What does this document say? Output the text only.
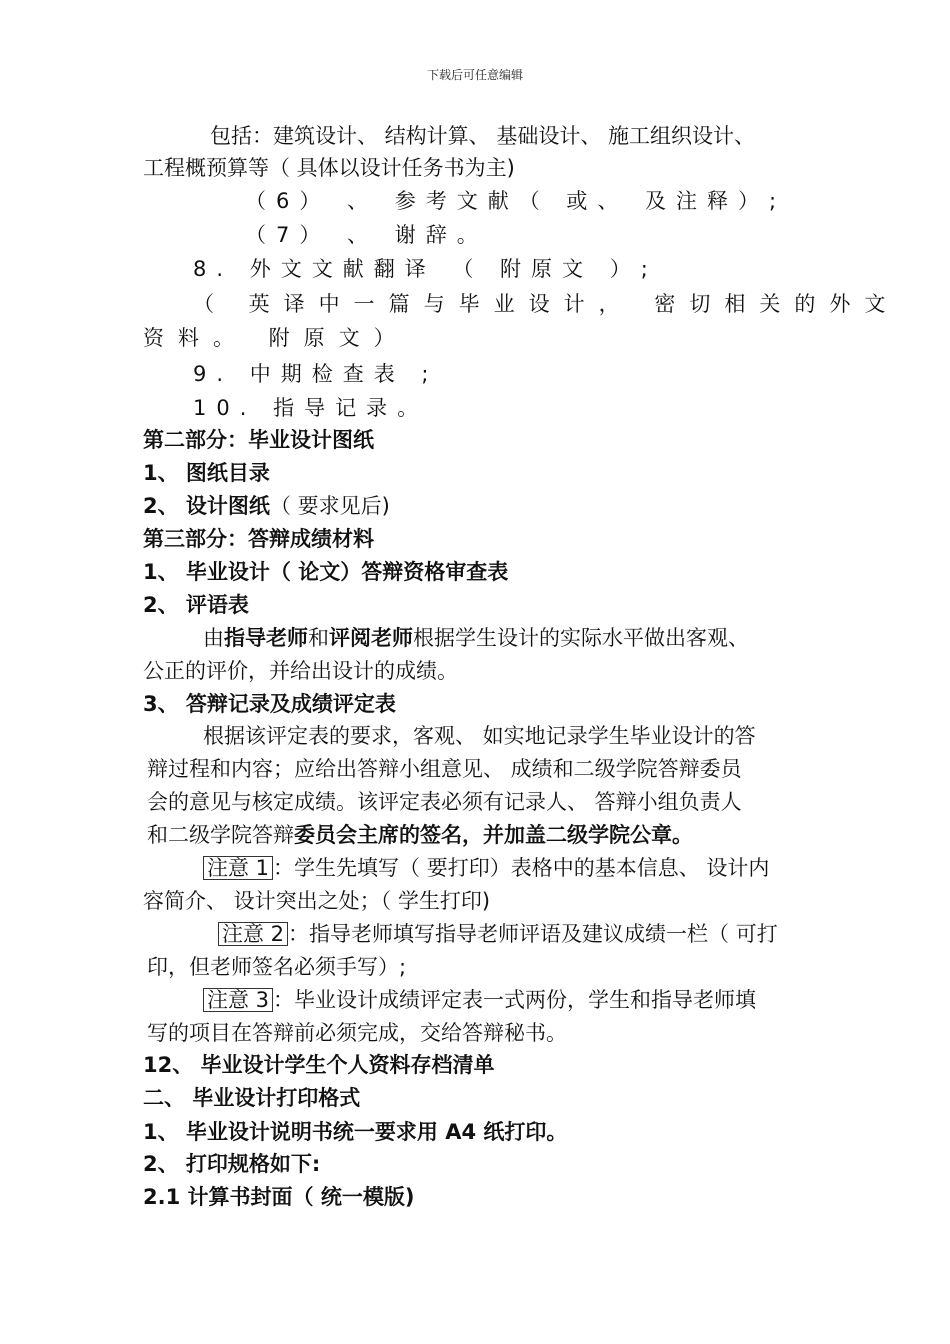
下载后可任意编辑
包括：建筑设计、 结构计算、 基础设计、 施工组织设计、
工程概预算等（ 具体以设计任务书为主)
（6） 、 参考文献（ 或、 及注释）;
（7） 、 谢辞。
8. 外文文献翻译 （ 附原文 ）;
（ 英译中一篇与毕业设计， 密切相关的外文
资料。 附原文）
9. 中期检查表 ;
10. 指导记录。
第二部分：毕业设计图纸
1、 图纸目录
2、 设计图纸（ 要求见后)
第三部分：答辩成绩材料
1、 毕业设计（ 论文）答辩资格审查表
2、 评语表
由指导老师和评阅老师根据学生设计的实际水平做出客观、
公正的评价，并给出设计的成绩。
3、 答辩记录及成绩评定表
根据该评定表的要求，客观、 如实地记录学生毕业设计的答
辩过程和内容；应给出答辩小组意见、 成绩和二级学院答辩委员
会的意见与核定成绩。该评定表必须有记录人、 答辩小组负责人
和二级学院答辩委员会主席的签名，并加盖二级学院公章。
注意 1 ：学生先填写（ 要打印）表格中的基本信息、 设计内
容简介、 设计突出之处；（ 学生打印)
注意 2 ：指导老师填写指导老师评语及建议成绩一栏（ 可打
印，但老师签名必须手写）;
注意 3 ：毕业设计成绩评定表一式两份，学生和指导老师填
写的项目在答辩前必须完成，交给答辩秘书。
12、 毕业设计学生个人资料存档清单
二、 毕业设计打印格式
1、 毕业设计说明书统一要求用 A4 纸打印。
2、 打印规格如下:
2.1 计算书封面（ 统一模版)
